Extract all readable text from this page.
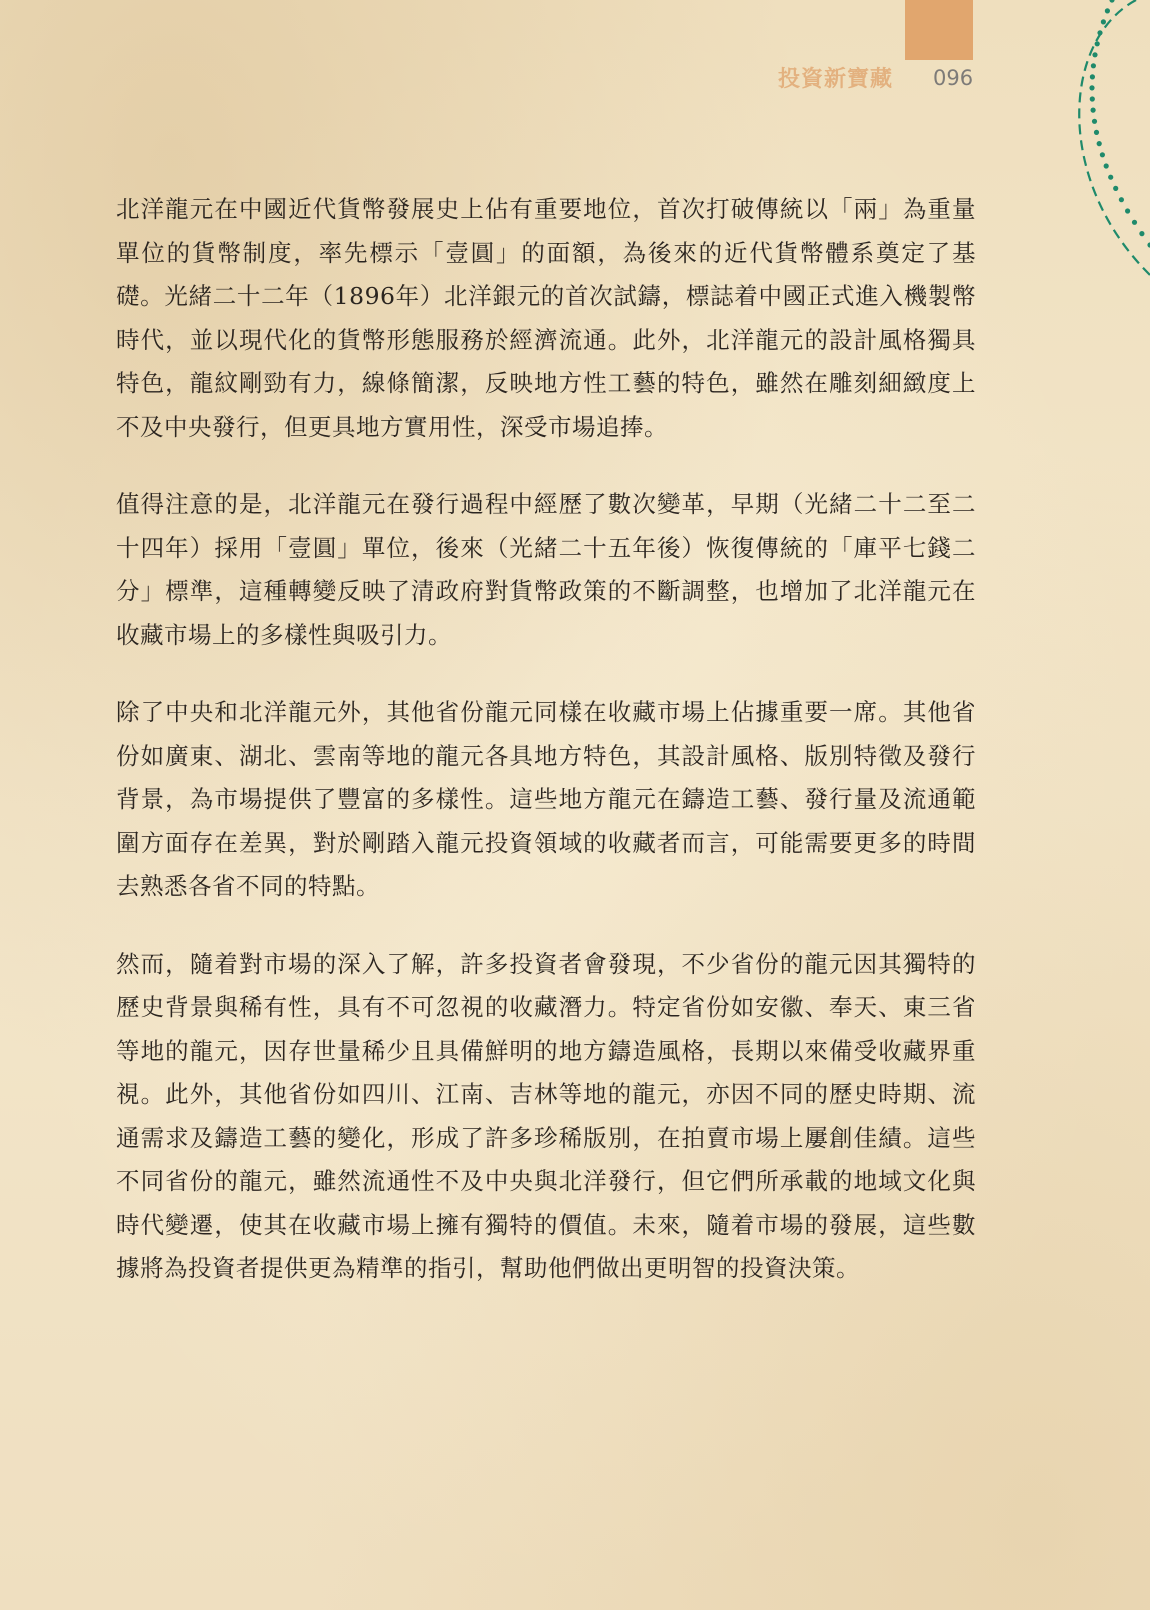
投資新寶藏 096

北洋龍元在中國近代貨幣發展史上佔有重要地位，首次打破傳統以「兩」為重量單位的貨幣制度，率先標示「壹圓」的面額，為後來的近代貨幣體系奠定了基礎。光緒二十二年（1896年）北洋銀元的首次試鑄，標誌着中國正式進入機製幣時代，並以現代化的貨幣形態服務於經濟流通。此外，北洋龍元的設計風格獨具特色，龍紋剛勁有力，線條簡潔，反映地方性工藝的特色，雖然在雕刻細緻度上不及中央發行，但更具地方實用性，深受市場追捧。

值得注意的是，北洋龍元在發行過程中經歷了數次變革，早期（光緒二十二至二十四年）採用「壹圓」單位，後來（光緒二十五年後）恢復傳統的「庫平七錢二分」標準，這種轉變反映了清政府對貨幣政策的不斷調整，也增加了北洋龍元在收藏市場上的多樣性與吸引力。

除了中央和北洋龍元外，其他省份龍元同樣在收藏市場上佔據重要一席。其他省份如廣東、湖北、雲南等地的龍元各具地方特色，其設計風格、版別特徵及發行背景，為市場提供了豐富的多樣性。這些地方龍元在鑄造工藝、發行量及流通範圍方面存在差異，對於剛踏入龍元投資領域的收藏者而言，可能需要更多的時間去熟悉各省不同的特點。

然而，隨着對市場的深入了解，許多投資者會發現，不少省份的龍元因其獨特的歷史背景與稀有性，具有不可忽視的收藏潛力。特定省份如安徽、奉天、東三省等地的龍元，因存世量稀少且具備鮮明的地方鑄造風格，長期以來備受收藏界重視。此外，其他省份如四川、江南、吉林等地的龍元，亦因不同的歷史時期、流通需求及鑄造工藝的變化，形成了許多珍稀版別，在拍賣市場上屢創佳績。這些不同省份的龍元，雖然流通性不及中央與北洋發行，但它們所承載的地域文化與時代變遷，使其在收藏市場上擁有獨特的價值。未來，隨着市場的發展，這些數據將為投資者提供更為精準的指引，幫助他們做出更明智的投資決策。
